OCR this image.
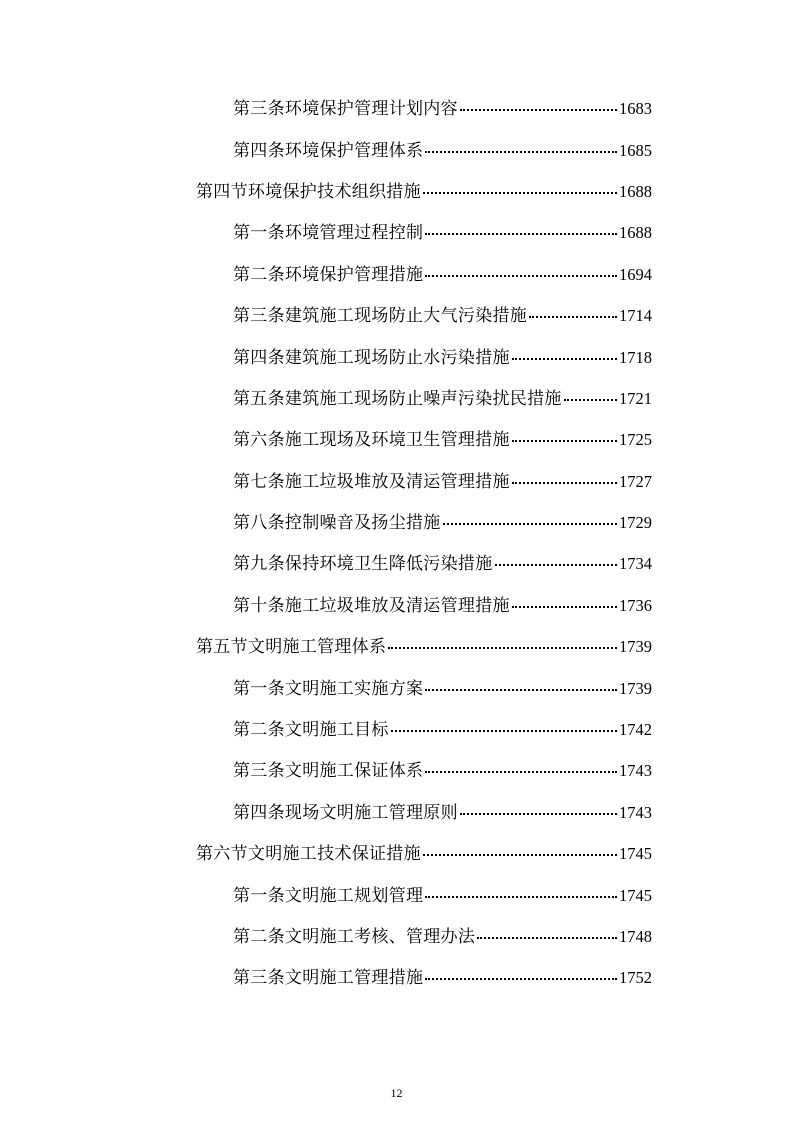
第三条环境保护管理计划内容	1683
第四条环境保护管理体系	1685
第四节环境保护技术组织措施	1688
第一条环境管理过程控制	1688
第二条环境保护管理措施	1694
第三条建筑施工现场防止大气污染措施	1714
第四条建筑施工现场防止水污染措施	1718
第五条建筑施工现场防止噪声污染扰民措施	1721
第六条施工现场及环境卫生管理措施	1725
第七条施工垃圾堆放及清运管理措施	1727
第八条控制噪音及扬尘措施	1729
第九条保持环境卫生降低污染措施	1734
第十条施工垃圾堆放及清运管理措施	1736
第五节文明施工管理体系	1739
第一条文明施工实施方案	1739
第二条文明施工目标	1742
第三条文明施工保证体系	1743
第四条现场文明施工管理原则	1743
第六节文明施工技术保证措施	1745
第一条文明施工规划管理	1745
第二条文明施工考核、管理办法	1748
第三条文明施工管理措施	1752
12
